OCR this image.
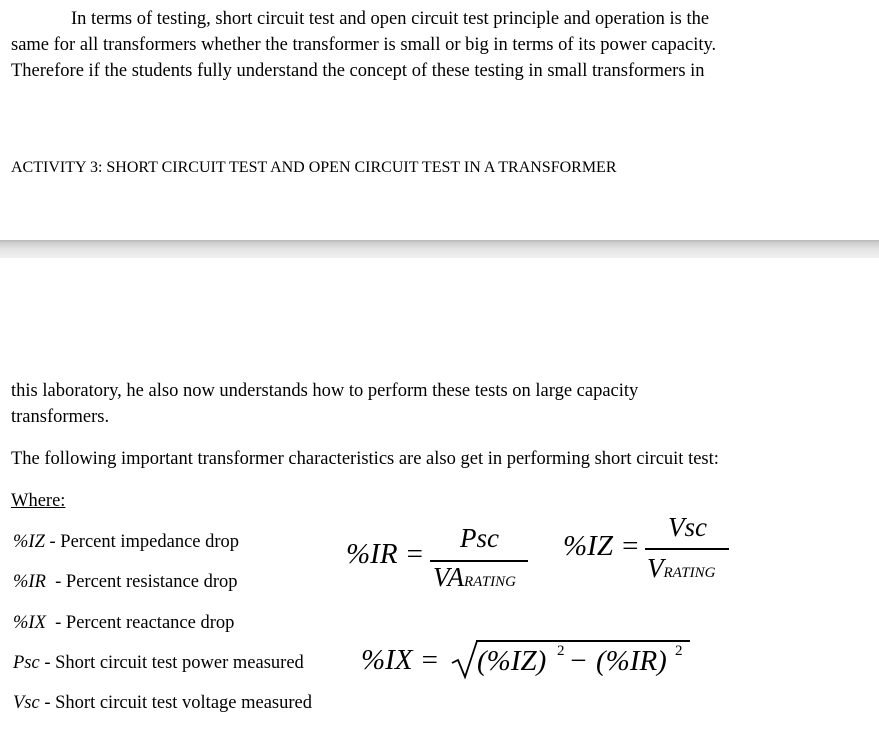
In terms of testing, short circuit test and open circuit test principle and operation is the
same for all transformers whether the transformer is small or big in terms of its power capacity.
Therefore if the students fully understand the concept of these testing in small transformers in
ACTIVITY 3: SHORT CIRCUIT TEST AND OPEN CIRCUIT TEST IN A TRANSFORMER
this laboratory, he also now understands how to perform these tests on large capacity
transformers.
The following important transformer characteristics are also get in performing short circuit test:
Where:
%IZ - Percent impedance drop
%IR  - Percent resistance drop
%IX  - Percent reactance drop
Psc - Short circuit test power measured
Vsc - Short circuit test voltage measured
%IR = Psc
VARATING
%IZ =
Vsc
VRATING
%IX = (%IZ) 2
− (%IR) 2
